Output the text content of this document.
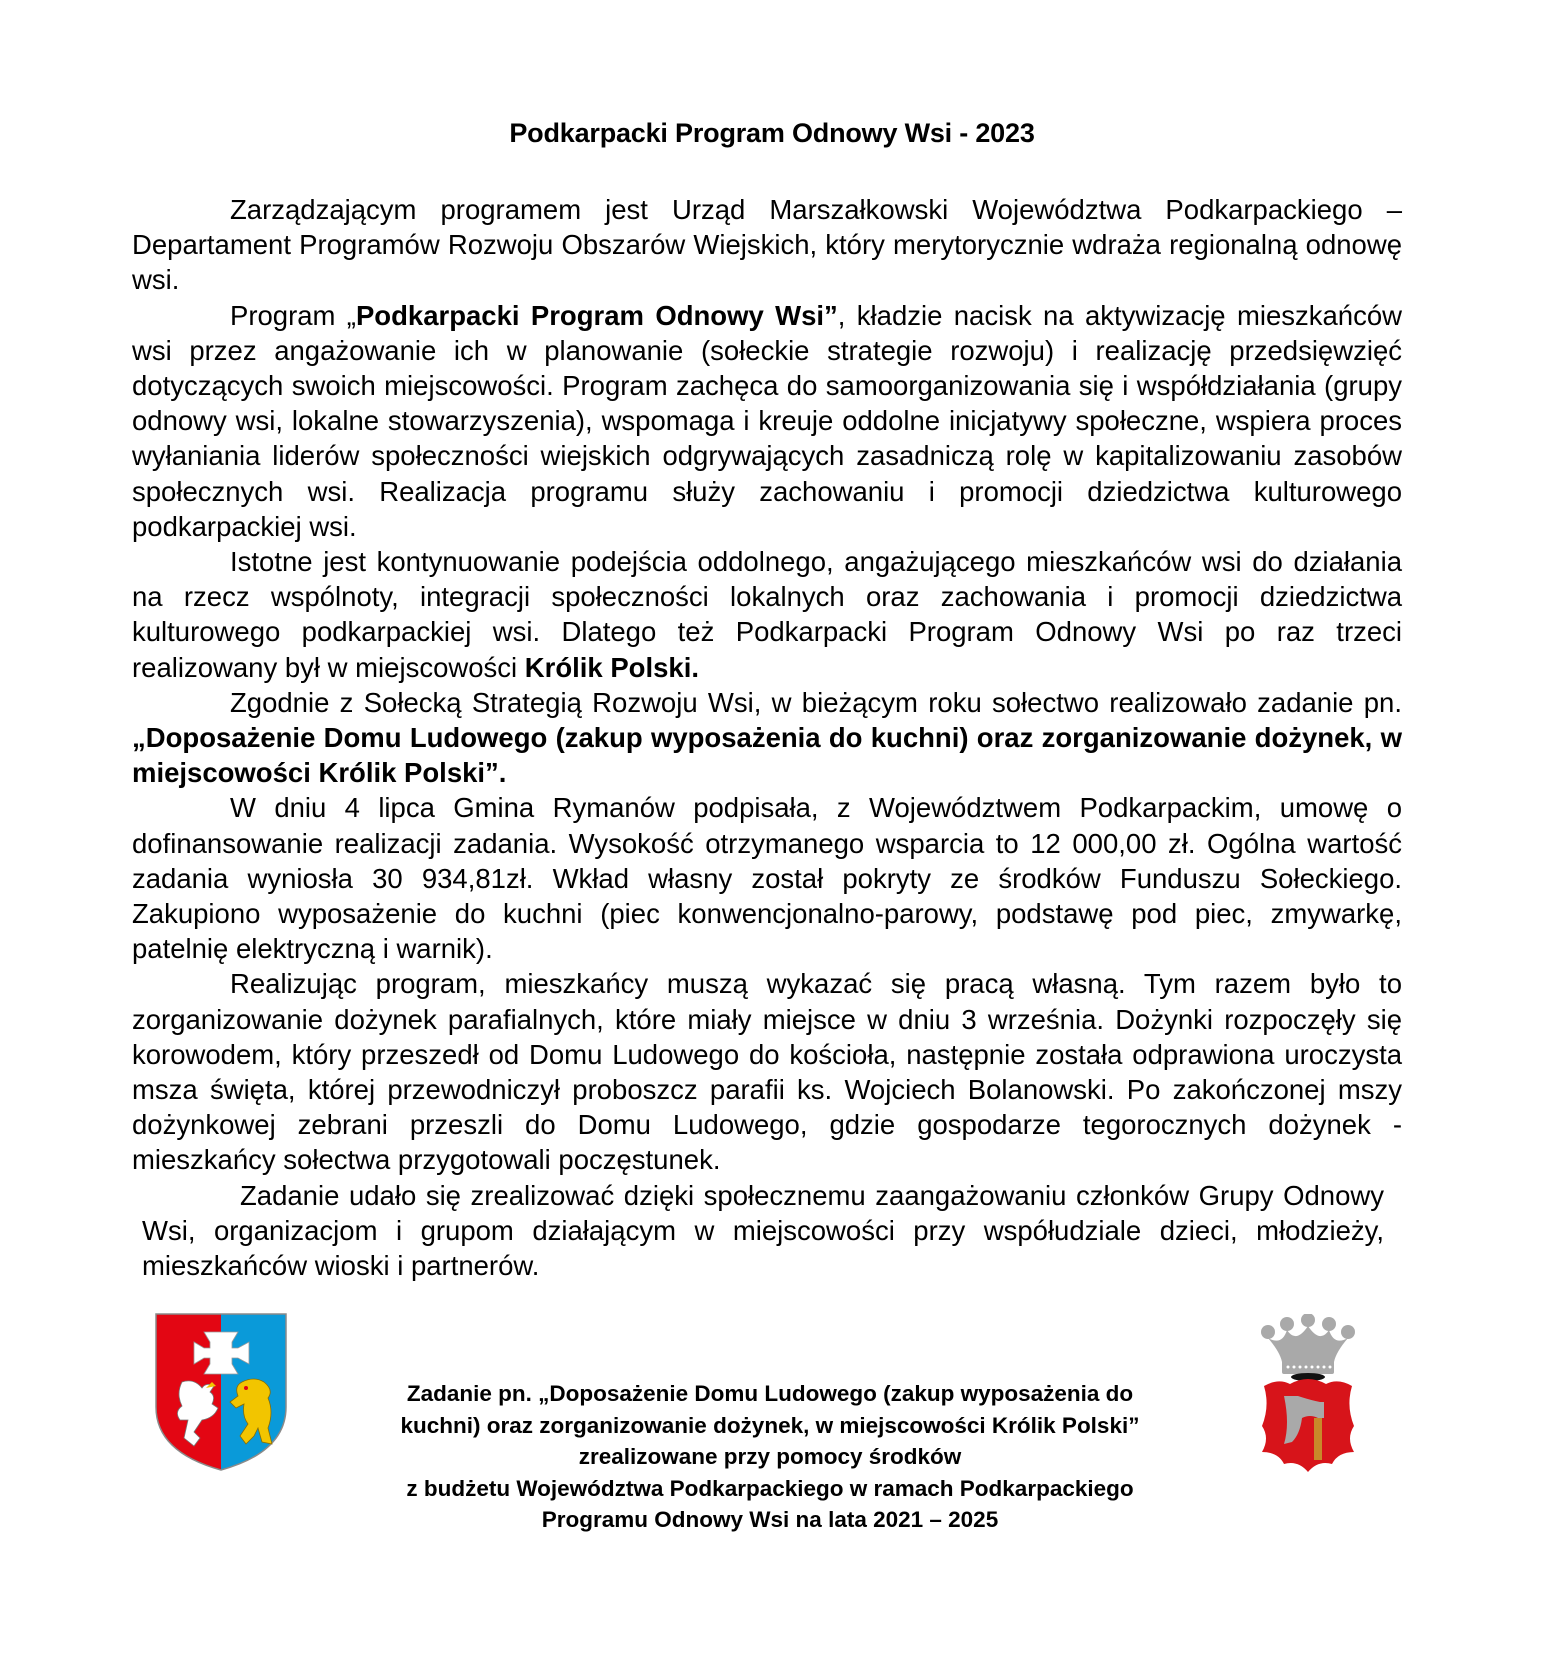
Podkarpacki Program Odnowy Wsi - 2023

Zarządzającym programem jest Urząd Marszałkowski Województwa Podkarpackiego – Departament Programów Rozwoju Obszarów Wiejskich, który merytorycznie wdraża regionalną odnowę wsi.

Program „Podkarpacki Program Odnowy Wsi”, kładzie nacisk na aktywizację mieszkańców wsi przez angażowanie ich w planowanie (sołeckie strategie rozwoju) i realizację przedsięwzięć dotyczących swoich miejscowości. Program zachęca do samoorganizowania się i współdziałania (grupy odnowy wsi, lokalne stowarzyszenia), wspomaga i kreuje oddolne inicjatywy społeczne, wspiera proces wyłaniania liderów społeczności wiejskich odgrywających zasadniczą rolę w kapitalizowaniu zasobów społecznych wsi. Realizacja programu służy zachowaniu i promocji dziedzictwa kulturowego podkarpackiej wsi.

Istotne jest kontynuowanie podejścia oddolnego, angażującego mieszkańców wsi do działania na rzecz wspólnoty, integracji społeczności lokalnych oraz zachowania i promocji dziedzictwa kulturowego podkarpackiej wsi. Dlatego też Podkarpacki Program Odnowy Wsi po raz trzeci realizowany był w miejscowości Królik Polski.

Zgodnie z Sołecką Strategią Rozwoju Wsi, w bieżącym roku sołectwo realizowało zadanie pn. „Doposażenie Domu Ludowego (zakup wyposażenia do kuchni) oraz zorganizowanie dożynek, w miejscowości Królik Polski”.

W dniu 4 lipca Gmina Rymanów podpisała, z Województwem Podkarpackim, umowę o dofinansowanie realizacji zadania. Wysokość otrzymanego wsparcia to 12 000,00 zł. Ogólna wartość zadania wyniosła 30 934,81zł. Wkład własny został pokryty ze środków Funduszu Sołeckiego. Zakupiono wyposażenie do kuchni (piec konwencjonalno-parowy, podstawę pod piec, zmywarkę, patelnię elektryczną i warnik).

Realizując program, mieszkańcy muszą wykazać się pracą własną. Tym razem było to zorganizowanie dożynek parafialnych, które miały miejsce w dniu 3 września. Dożynki rozpoczęły się korowodem, który przeszedł od Domu Ludowego do kościoła, następnie została odprawiona uroczysta msza święta, której przewodniczył proboszcz parafii ks. Wojciech Bolanowski. Po zakończonej mszy dożynkowej zebrani przeszli do Domu Ludowego, gdzie gospodarze tegorocznych dożynek - mieszkańcy sołectwa przygotowali poczęstunek.

Zadanie udało się zrealizować dzięki społecznemu zaangażowaniu członków Grupy Odnowy Wsi, organizacjom i grupom działającym w miejscowości przy współudziale dzieci, młodzieży, mieszkańców wioski i partnerów.

Zadanie pn. „Doposażenie Domu Ludowego (zakup wyposażenia do
kuchni) oraz zorganizowanie dożynek, w miejscowości Królik Polski”
zrealizowane przy pomocy środków
z budżetu Województwa Podkarpackiego w ramach Podkarpackiego
Programu Odnowy Wsi na lata 2021 – 2025
